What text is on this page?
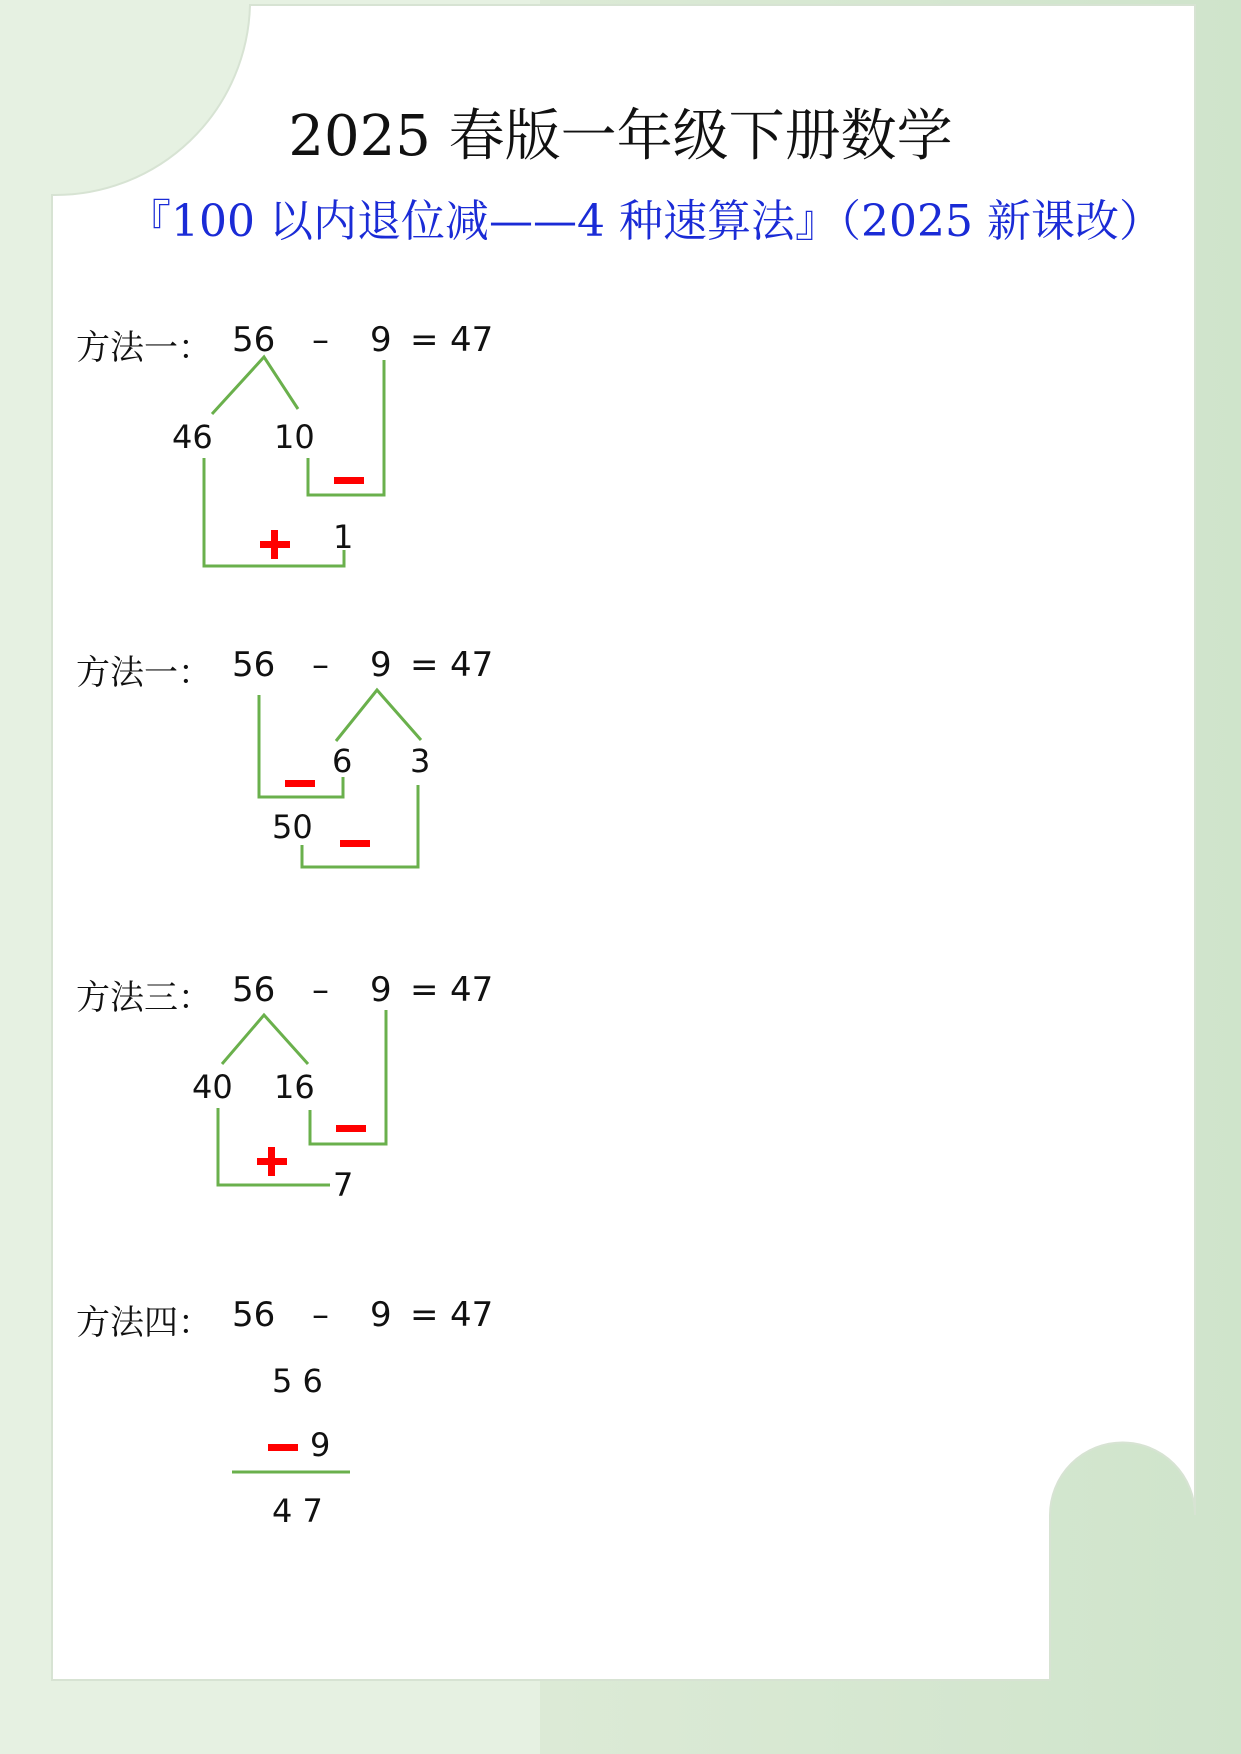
2025 春版一年级下册数学
『100 以内退位减——4 种速算法』（2025 新课改）
方法一： 56 – 9 = 47
46 10
1
方法一： 56 – 9 = 47
6 3
50
方法三： 56 – 9 = 47
40 16
7
方法四： 56 – 9 = 47
5 6
9
4 7
